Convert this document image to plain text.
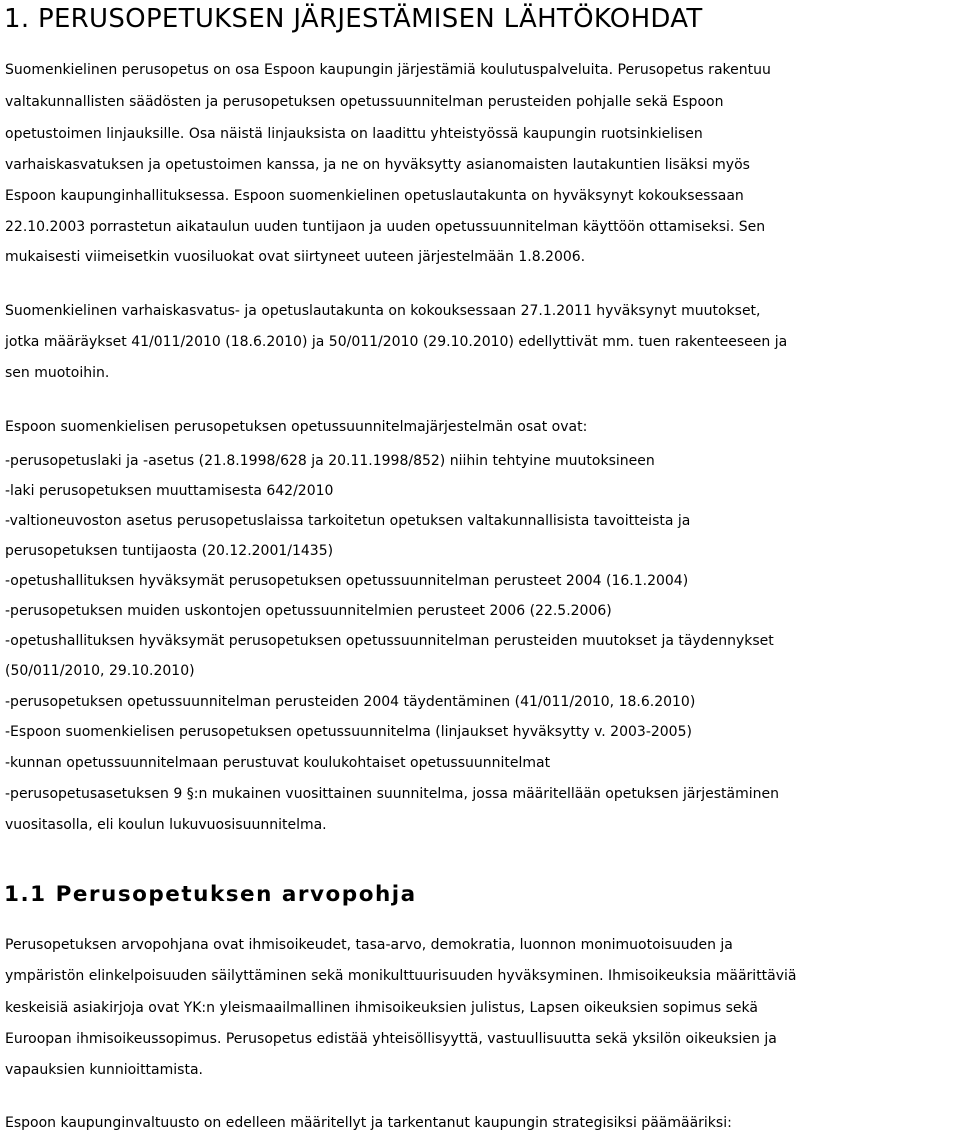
1. PERUSOPETUKSEN JÄRJESTÄMISEN LÄHTÖKOHDAT

Suomenkielinen perusopetus on osa Espoon kaupungin järjestämiä koulutuspalveluita. Perusopetus rakentuu

valtakunnallisten säädösten ja perusopetuksen opetussuunnitelman perusteiden pohjalle sekä Espoon

opetustoimen linjauksille. Osa näistä linjauksista on laadittu yhteistyössä kaupungin ruotsinkielisen

varhaiskasvatuksen ja opetustoimen kanssa, ja ne on hyväksytty asianomaisten lautakuntien lisäksi myös

Espoon kaupunginhallituksessa. Espoon suomenkielinen opetuslautakunta on hyväksynyt kokouksessaan

22.10.2003 porrastetun aikataulun uuden tuntijaon ja uuden opetussuunnitelman käyttöön ottamiseksi. Sen

mukaisesti viimeisetkin vuosiluokat ovat siirtyneet uuteen järjestelmään 1.8.2006.

Suomenkielinen varhaiskasvatus- ja opetuslautakunta on kokouksessaan 27.1.2011 hyväksynyt muutokset,

jotka määräykset 41/011/2010 (18.6.2010) ja 50/011/2010 (29.10.2010) edellyttivät mm. tuen rakenteeseen ja

sen muotoihin.

Espoon suomenkielisen perusopetuksen opetussuunnitelmajärjestelmän osat ovat:

-perusopetuslaki ja -asetus (21.8.1998/628 ja 20.11.1998/852) niihin tehtyine muutoksineen

-laki perusopetuksen muuttamisesta 642/2010

-valtioneuvoston asetus perusopetuslaissa tarkoitetun opetuksen valtakunnallisista tavoitteista ja

perusopetuksen tuntijaosta (20.12.2001/1435)

-opetushallituksen hyväksymät perusopetuksen opetussuunnitelman perusteet 2004 (16.1.2004)

-perusopetuksen muiden uskontojen opetussuunnitelmien perusteet 2006 (22.5.2006)

-opetushallituksen hyväksymät perusopetuksen opetussuunnitelman perusteiden muutokset ja täydennykset

(50/011/2010, 29.10.2010)

-perusopetuksen opetussuunnitelman perusteiden 2004 täydentäminen (41/011/2010, 18.6.2010)

-Espoon suomenkielisen perusopetuksen opetussuunnitelma (linjaukset hyväksytty v. 2003-2005)

-kunnan opetussuunnitelmaan perustuvat koulukohtaiset opetussuunnitelmat

-perusopetusasetuksen 9 §:n mukainen vuosittainen suunnitelma, jossa määritellään opetuksen järjestäminen

vuositasolla, eli koulun lukuvuosisuunnitelma.

1.1 Perusopetuksen arvopohja

Perusopetuksen arvopohjana ovat ihmisoikeudet, tasa-arvo, demokratia, luonnon monimuotoisuuden ja

ympäristön elinkelpoisuuden säilyttäminen sekä monikulttuurisuuden hyväksyminen. Ihmisoikeuksia määrittäviä

keskeisiä asiakirjoja ovat YK:n yleismaailmallinen ihmisoikeuksien julistus, Lapsen oikeuksien sopimus sekä

Euroopan ihmisoikeussopimus. Perusopetus edistää yhteisöllisyyttä, vastuullisuutta sekä yksilön oikeuksien ja

vapauksien kunnioittamista.

Espoon kaupunginvaltuusto on edelleen määritellyt ja tarkentanut kaupungin strategisiksi päämääriksi:
